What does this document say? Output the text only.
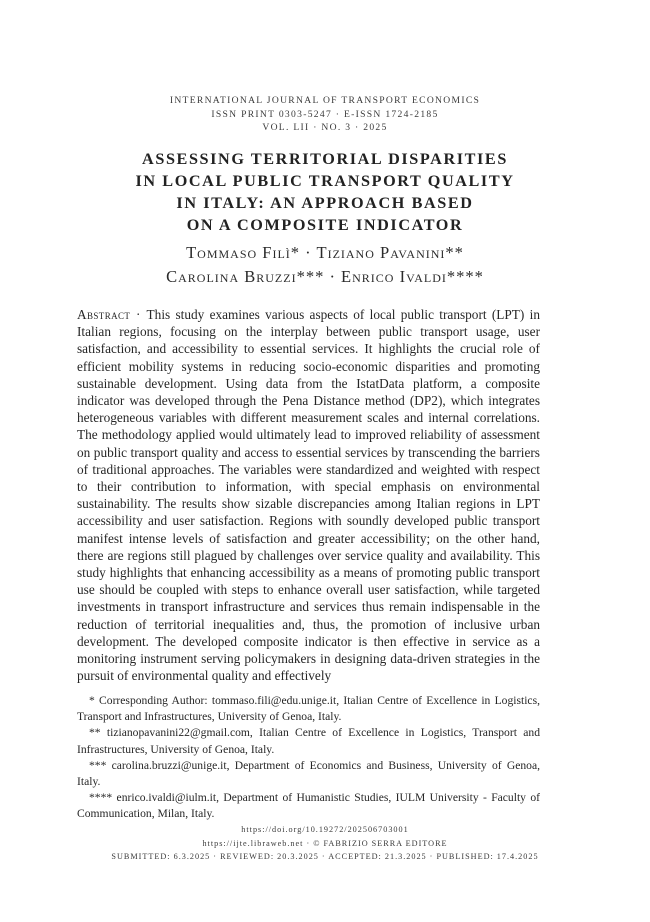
INTERNATIONAL JOURNAL OF TRANSPORT ECONOMICS
ISSN PRINT 0303-5247 · E-ISSN 1724-2185
VOL. LII · NO. 3 · 2025
ASSESSING TERRITORIAL DISPARITIES
IN LOCAL PUBLIC TRANSPORT QUALITY
IN ITALY: AN APPROACH BASED
ON A COMPOSITE INDICATOR
Tommaso Filì* · Tiziano Pavanini**
Carolina Bruzzi*** · Enrico Ivaldi****
Abstract · This study examines various aspects of local public transport (LPT) in Italian regions, focusing on the interplay between public transport usage, user satisfaction, and accessibility to essential services. It highlights the crucial role of efficient mobility systems in reducing socio-economic disparities and promoting sustainable development. Using data from the IstatData platform, a composite indicator was developed through the Pena Distance method (DP2), which integrates heterogeneous variables with different measurement scales and internal correlations. The methodology applied would ultimately lead to improved reliability of assessment on public transport quality and access to essential services by transcending the barriers of traditional approaches. The variables were standardized and weighted with respect to their contribution to information, with special emphasis on environmental sustainability. The results show sizable discrepancies among Italian regions in LPT accessibility and user satisfaction. Regions with soundly developed public transport manifest intense levels of satisfaction and greater accessibility; on the other hand, there are regions still plagued by challenges over service quality and availability. This study highlights that enhancing accessibility as a means of promoting public transport use should be coupled with steps to enhance overall user satisfaction, while targeted investments in transport infrastructure and services thus remain indispensable in the reduction of territorial inequalities and, thus, the promotion of inclusive urban development. The developed composite indicator is then effective in service as a monitoring instrument serving policymakers in designing data-driven strategies in the pursuit of environmental quality and effectively
* Corresponding Author: tommaso.fili@edu.unige.it, Italian Centre of Excellence in Logistics, Transport and Infrastructures, University of Genoa, Italy.
** tizianopavanini22@gmail.com, Italian Centre of Excellence in Logistics, Transport and Infrastructures, University of Genoa, Italy.
*** carolina.bruzzi@unige.it, Department of Economics and Business, University of Genoa, Italy.
**** enrico.ivaldi@iulm.it, Department of Humanistic Studies, IULM University - Faculty of Communication, Milan, Italy.
https://doi.org/10.19272/202506703001
https://ijte.libraweb.net · © FABRIZIO SERRA EDITORE
SUBMITTED: 6.3.2025 · REVIEWED: 20.3.2025 · ACCEPTED: 21.3.2025 · PUBLISHED: 17.4.2025
